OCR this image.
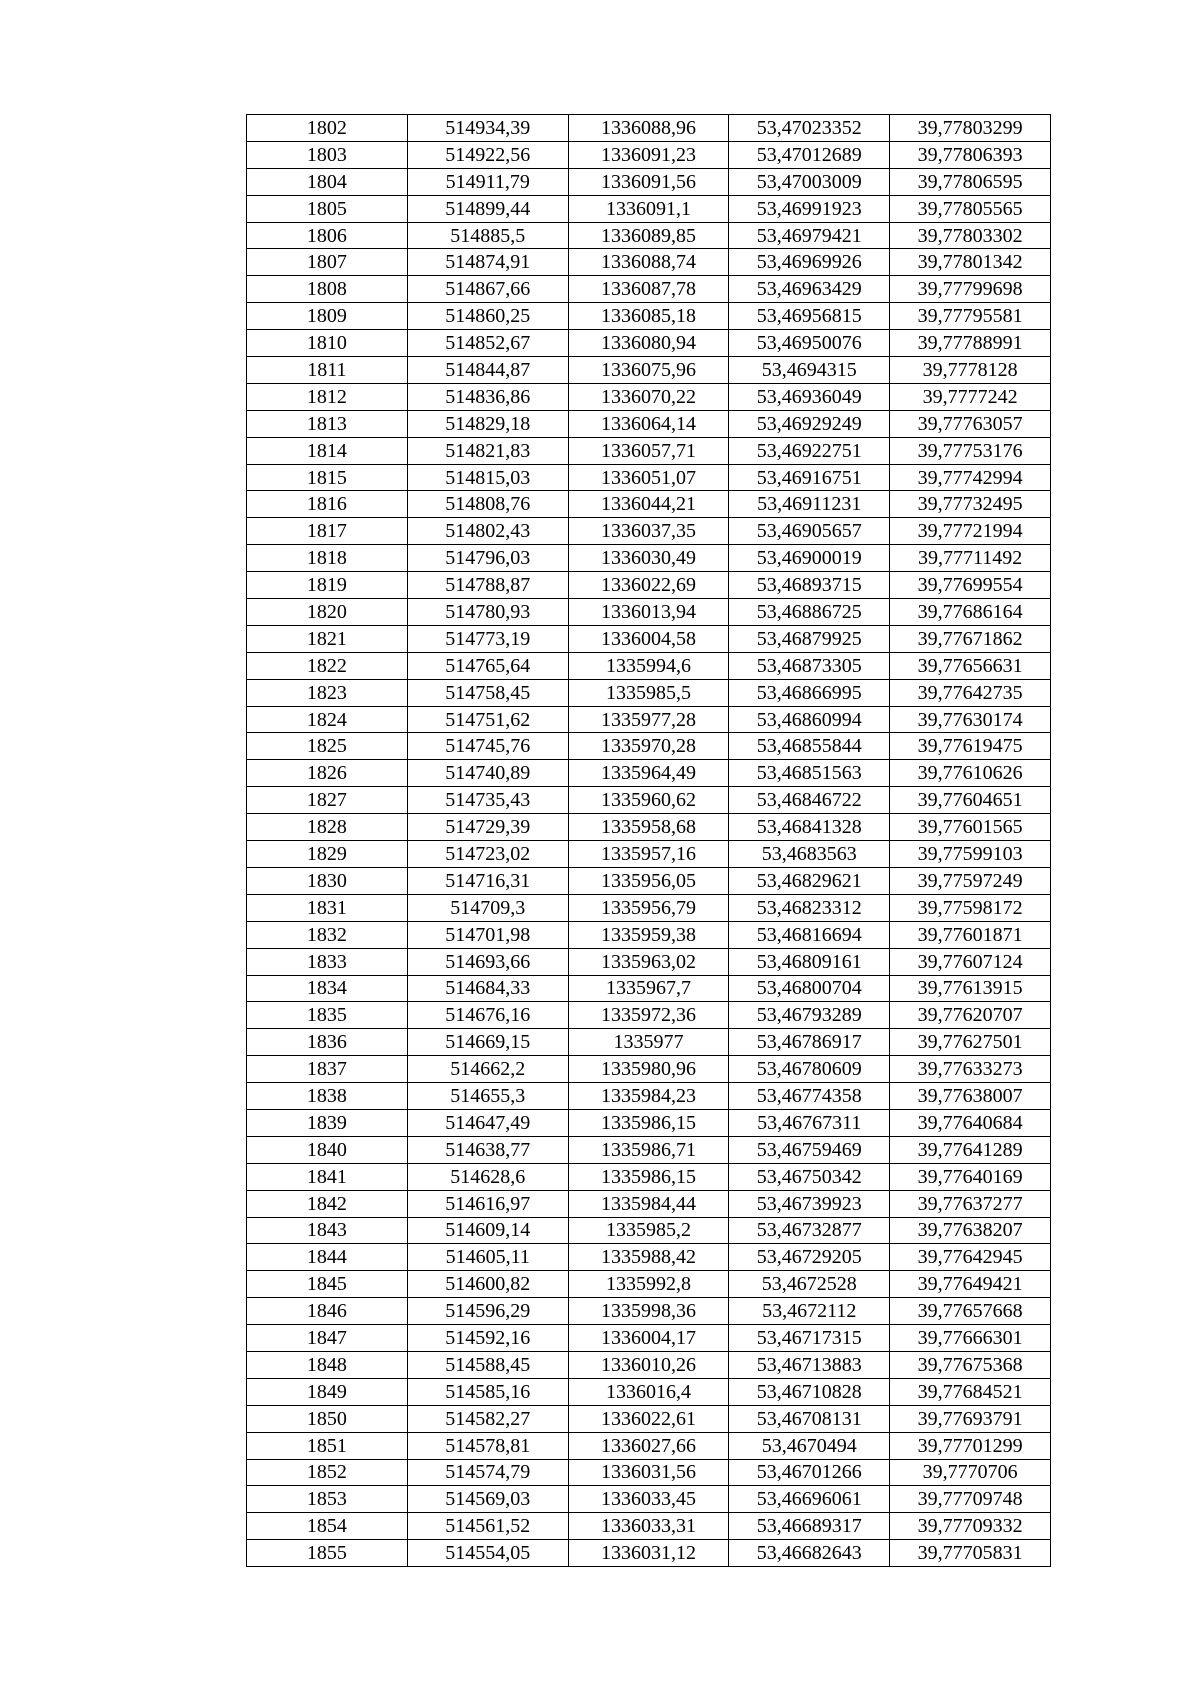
1802	514934,39	1336088,96	53,47023352	39,77803299
1803	514922,56	1336091,23	53,47012689	39,77806393
1804	514911,79	1336091,56	53,47003009	39,77806595
1805	514899,44	1336091,1	53,46991923	39,77805565
1806	514885,5	1336089,85	53,46979421	39,77803302
1807	514874,91	1336088,74	53,46969926	39,77801342
1808	514867,66	1336087,78	53,46963429	39,77799698
1809	514860,25	1336085,18	53,46956815	39,77795581
1810	514852,67	1336080,94	53,46950076	39,77788991
1811	514844,87	1336075,96	53,4694315	39,7778128
1812	514836,86	1336070,22	53,46936049	39,7777242
1813	514829,18	1336064,14	53,46929249	39,77763057
1814	514821,83	1336057,71	53,46922751	39,77753176
1815	514815,03	1336051,07	53,46916751	39,77742994
1816	514808,76	1336044,21	53,46911231	39,77732495
1817	514802,43	1336037,35	53,46905657	39,77721994
1818	514796,03	1336030,49	53,46900019	39,77711492
1819	514788,87	1336022,69	53,46893715	39,77699554
1820	514780,93	1336013,94	53,46886725	39,77686164
1821	514773,19	1336004,58	53,46879925	39,77671862
1822	514765,64	1335994,6	53,46873305	39,77656631
1823	514758,45	1335985,5	53,46866995	39,77642735
1824	514751,62	1335977,28	53,46860994	39,77630174
1825	514745,76	1335970,28	53,46855844	39,77619475
1826	514740,89	1335964,49	53,46851563	39,77610626
1827	514735,43	1335960,62	53,46846722	39,77604651
1828	514729,39	1335958,68	53,46841328	39,77601565
1829	514723,02	1335957,16	53,4683563	39,77599103
1830	514716,31	1335956,05	53,46829621	39,77597249
1831	514709,3	1335956,79	53,46823312	39,77598172
1832	514701,98	1335959,38	53,46816694	39,77601871
1833	514693,66	1335963,02	53,46809161	39,77607124
1834	514684,33	1335967,7	53,46800704	39,77613915
1835	514676,16	1335972,36	53,46793289	39,77620707
1836	514669,15	1335977	53,46786917	39,77627501
1837	514662,2	1335980,96	53,46780609	39,77633273
1838	514655,3	1335984,23	53,46774358	39,77638007
1839	514647,49	1335986,15	53,46767311	39,77640684
1840	514638,77	1335986,71	53,46759469	39,77641289
1841	514628,6	1335986,15	53,46750342	39,77640169
1842	514616,97	1335984,44	53,46739923	39,77637277
1843	514609,14	1335985,2	53,46732877	39,77638207
1844	514605,11	1335988,42	53,46729205	39,77642945
1845	514600,82	1335992,8	53,4672528	39,77649421
1846	514596,29	1335998,36	53,4672112	39,77657668
1847	514592,16	1336004,17	53,46717315	39,77666301
1848	514588,45	1336010,26	53,46713883	39,77675368
1849	514585,16	1336016,4	53,46710828	39,77684521
1850	514582,27	1336022,61	53,46708131	39,77693791
1851	514578,81	1336027,66	53,4670494	39,77701299
1852	514574,79	1336031,56	53,46701266	39,7770706
1853	514569,03	1336033,45	53,46696061	39,77709748
1854	514561,52	1336033,31	53,46689317	39,77709332
1855	514554,05	1336031,12	53,46682643	39,77705831
